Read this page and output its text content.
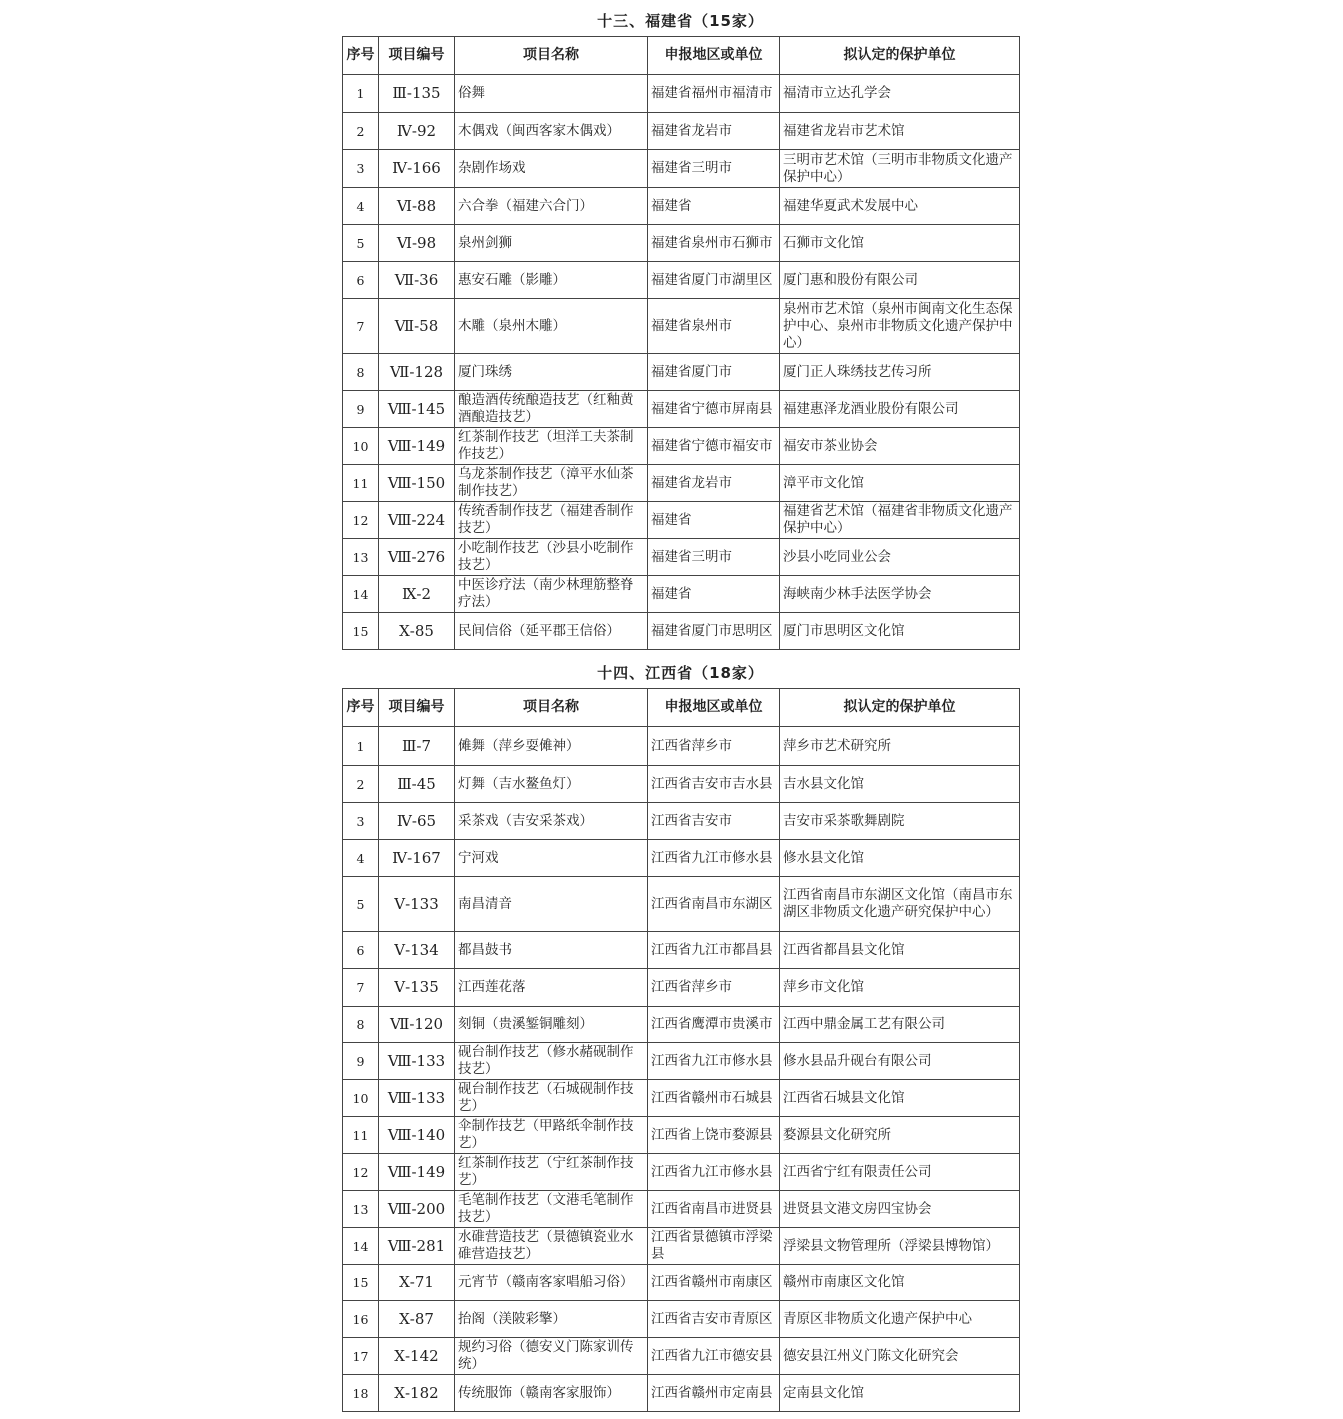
十三、福建省（15家）
序号	项目编号	项目名称	申报地区或单位	拟认定的保护单位
1	Ⅲ-135	俗舞	福建省福州市福清市	福清市立达孔学会
2	Ⅳ-92	木偶戏（闽西客家木偶戏）	福建省龙岩市	福建省龙岩市艺术馆
3	Ⅳ-166	杂剧作场戏	福建省三明市	三明市艺术馆（三明市非物质文化遗产保护中心）
4	Ⅵ-88	六合拳（福建六合门）	福建省	福建华夏武术发展中心
5	Ⅵ-98	泉州剑狮	福建省泉州市石狮市	石狮市文化馆
6	Ⅶ-36	惠安石雕（影雕）	福建省厦门市湖里区	厦门惠和股份有限公司
7	Ⅶ-58	木雕（泉州木雕）	福建省泉州市	泉州市艺术馆（泉州市闽南文化生态保护中心、泉州市非物质文化遗产保护中心）
8	Ⅶ-128	厦门珠绣	福建省厦门市	厦门正人珠绣技艺传习所
9	Ⅷ-145	酿造酒传统酿造技艺（红釉黄酒酿造技艺）	福建省宁德市屏南县	福建惠泽龙酒业股份有限公司
10	Ⅷ-149	红茶制作技艺（坦洋工夫茶制作技艺）	福建省宁德市福安市	福安市茶业协会
11	Ⅷ-150	乌龙茶制作技艺（漳平水仙茶制作技艺）	福建省龙岩市	漳平市文化馆
12	Ⅷ-224	传统香制作技艺（福建香制作技艺）	福建省	福建省艺术馆（福建省非物质文化遗产保护中心）
13	Ⅷ-276	小吃制作技艺（沙县小吃制作技艺）	福建省三明市	沙县小吃同业公会
14	Ⅸ-2	中医诊疗法（南少林理筋整脊疗法）	福建省	海峡南少林手法医学协会
15	Ⅹ-85	民间信俗（延平郡王信俗）	福建省厦门市思明区	厦门市思明区文化馆
十四、江西省（18家）
序号	项目编号	项目名称	申报地区或单位	拟认定的保护单位
1	Ⅲ-7	傩舞（萍乡耍傩神）	江西省萍乡市	萍乡市艺术研究所
2	Ⅲ-45	灯舞（吉水鳌鱼灯）	江西省吉安市吉水县	吉水县文化馆
3	Ⅳ-65	采茶戏（吉安采茶戏）	江西省吉安市	吉安市采茶歌舞剧院
4	Ⅳ-167	宁河戏	江西省九江市修水县	修水县文化馆
5	Ⅴ-133	南昌清音	江西省南昌市东湖区	江西省南昌市东湖区文化馆（南昌市东湖区非物质文化遗产研究保护中心）
6	Ⅴ-134	都昌鼓书	江西省九江市都昌县	江西省都昌县文化馆
7	Ⅴ-135	江西莲花落	江西省萍乡市	萍乡市文化馆
8	Ⅶ-120	刻铜（贵溪錾铜雕刻）	江西省鹰潭市贵溪市	江西中鼎金属工艺有限公司
9	Ⅷ-133	砚台制作技艺（修水赭砚制作技艺）	江西省九江市修水县	修水县品升砚台有限公司
10	Ⅷ-133	砚台制作技艺（石城砚制作技艺）	江西省赣州市石城县	江西省石城县文化馆
11	Ⅷ-140	伞制作技艺（甲路纸伞制作技艺）	江西省上饶市婺源县	婺源县文化研究所
12	Ⅷ-149	红茶制作技艺（宁红茶制作技艺）	江西省九江市修水县	江西省宁红有限责任公司
13	Ⅷ-200	毛笔制作技艺（文港毛笔制作技艺）	江西省南昌市进贤县	进贤县文港文房四宝协会
14	Ⅷ-281	水碓营造技艺（景德镇瓷业水碓营造技艺）	江西省景德镇市浮梁县	浮梁县文物管理所（浮梁县博物馆）
15	Ⅹ-71	元宵节（赣南客家唱船习俗）	江西省赣州市南康区	赣州市南康区文化馆
16	Ⅹ-87	抬阁（渼陂彩擎）	江西省吉安市青原区	青原区非物质文化遗产保护中心
17	Ⅹ-142	规约习俗（德安义门陈家训传统）	江西省九江市德安县	德安县江州义门陈文化研究会
18	Ⅹ-182	传统服饰（赣南客家服饰）	江西省赣州市定南县	定南县文化馆
